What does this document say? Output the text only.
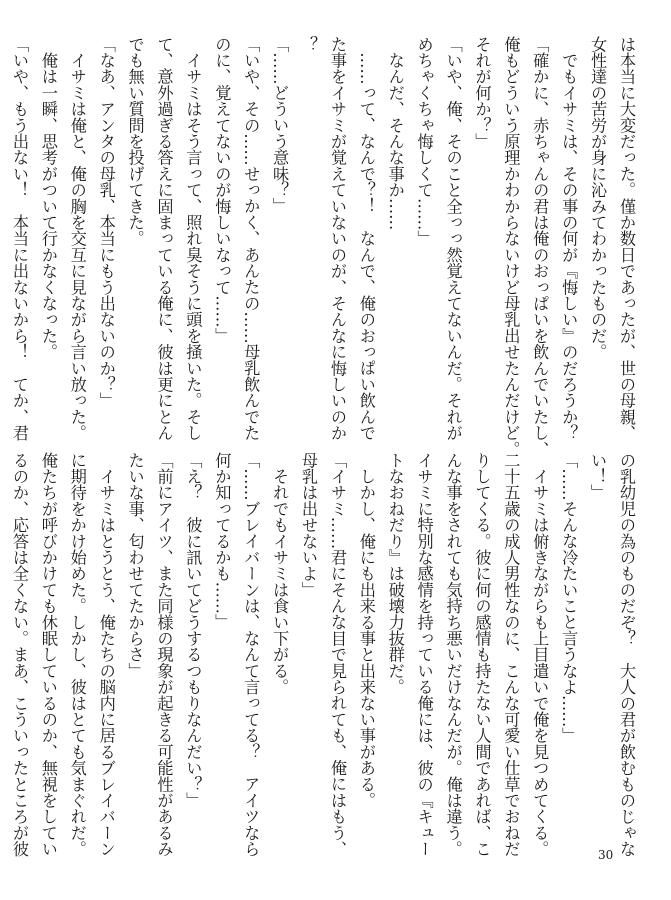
は本当に大変だった。僅か数日であったが、世の母親、
女性達の苦労が身に沁みてわかったものだ。
　でもイサミは、その事の何が『悔しい』のだろうか？
「確かに、赤ちゃんの君は俺のおっぱいを飲んでいたし、
俺もどういう原理かわからないけど母乳出せたんだけど。
それが何か？」
「いや、俺、そのこと全っっ然覚えてないんだ。それが
めちゃくちゃ悔しくて……」
　なんだ、そんな事か……
　……って、なんで？！　なんで、俺のおっぱい飲んで
た事をイサミが覚えていないのが、そんなに悔しいのか
？
「……どういう意味？」
「いや、その……せっかく、あんたの……母乳飲んでた
のに、覚えてないのが悔しいなって……」
　イサミはそう言って、照れ臭そうに頭を掻いた。そし
て、意外過ぎる答えに固まっている俺に、彼は更にとん
でも無い質問を投げてきた。
「なあ、アンタの母乳、本当にもう出ないのか？」
　イサミは俺と、俺の胸を交互に見ながら言い放った。
　俺は一瞬、思考がついて行かなくなった。
「いや、もう出ない！　本当に出ないから！　てか、君
の乳幼児の為のものだぞ？　大人の君が飲むものじゃな
い！」
「……そんな冷たいこと言うなよ……」
　イサミは俯きながらも上目遣いで俺を見つめてくる。
二十五歳の成人男性なのに、こんな可愛い仕草でおねだ
りしてくる。彼に何の感情も持たない人間であれば、こ
んな事をされても気持ち悪いだけなんだが。俺は違う。
イサミに特別な感情を持っている俺には、彼の『キュー
トなおねだり』は破壊力抜群だ。
　しかし、俺にも出来る事と出来ない事がある。
「イサミ……君にそんな目で見られても、俺にはもう、
母乳は出せないよ」
　それでもイサミは食い下がる。
「……ブレイバーンは、なんて言ってる？　アイツなら
何か知ってるかも……」
「え？　彼に訊いてどうするつもりなんだい？」
「前にアイツ、また同様の現象が起きる可能性があるみ
たいな事、匂わせてたからさ」
　イサミはとうとう、俺たちの脳内に居るブレイバーン
に期待をかけ始めた。しかし、彼はとても気まぐれだ。
俺たちが呼びかけても休眠しているのか、無視をしてい
るのか、応答は全くない。まあ、こういったところが彼	30
